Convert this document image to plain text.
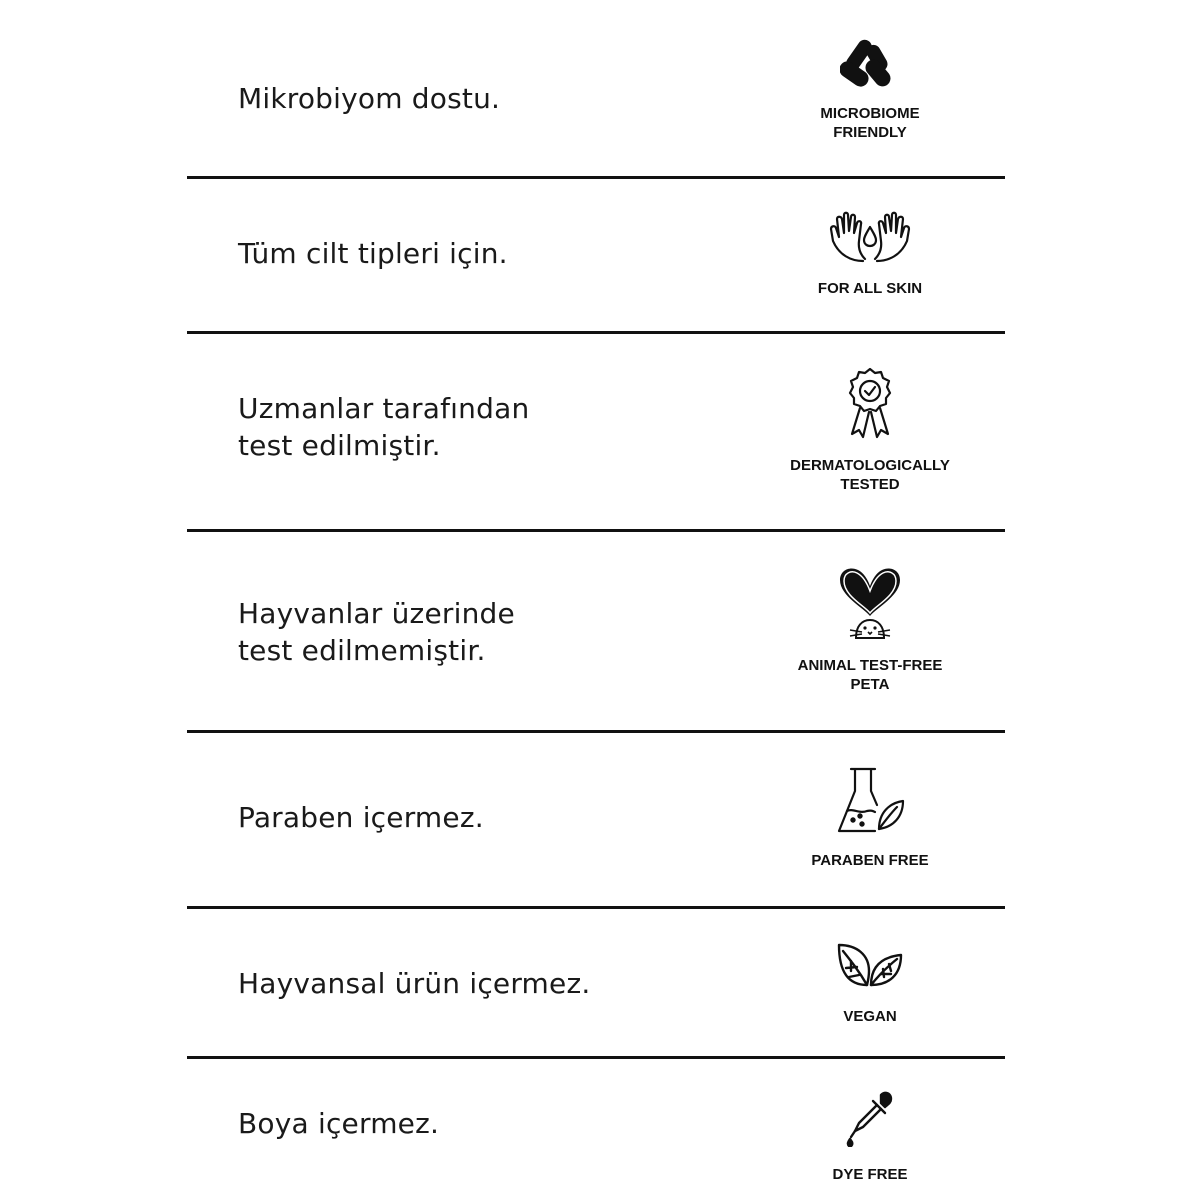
Mikrobiyom dostu.	MICROBIOME
FRIENDLY
Tüm cilt tipleri için.
FOR ALL SKIN
Uzmanlar tarafından
test edilmiştir.
DERMATOLOGICALLY
TESTED
Hayvanlar üzerinde
test edilmemiştir.	ANIMAL TEST-FREE
PETA
Paraben içermez.
PARABEN FREE
Hayvansal ürün içermez.
VEGAN
Boya içermez.
DYE FREE
